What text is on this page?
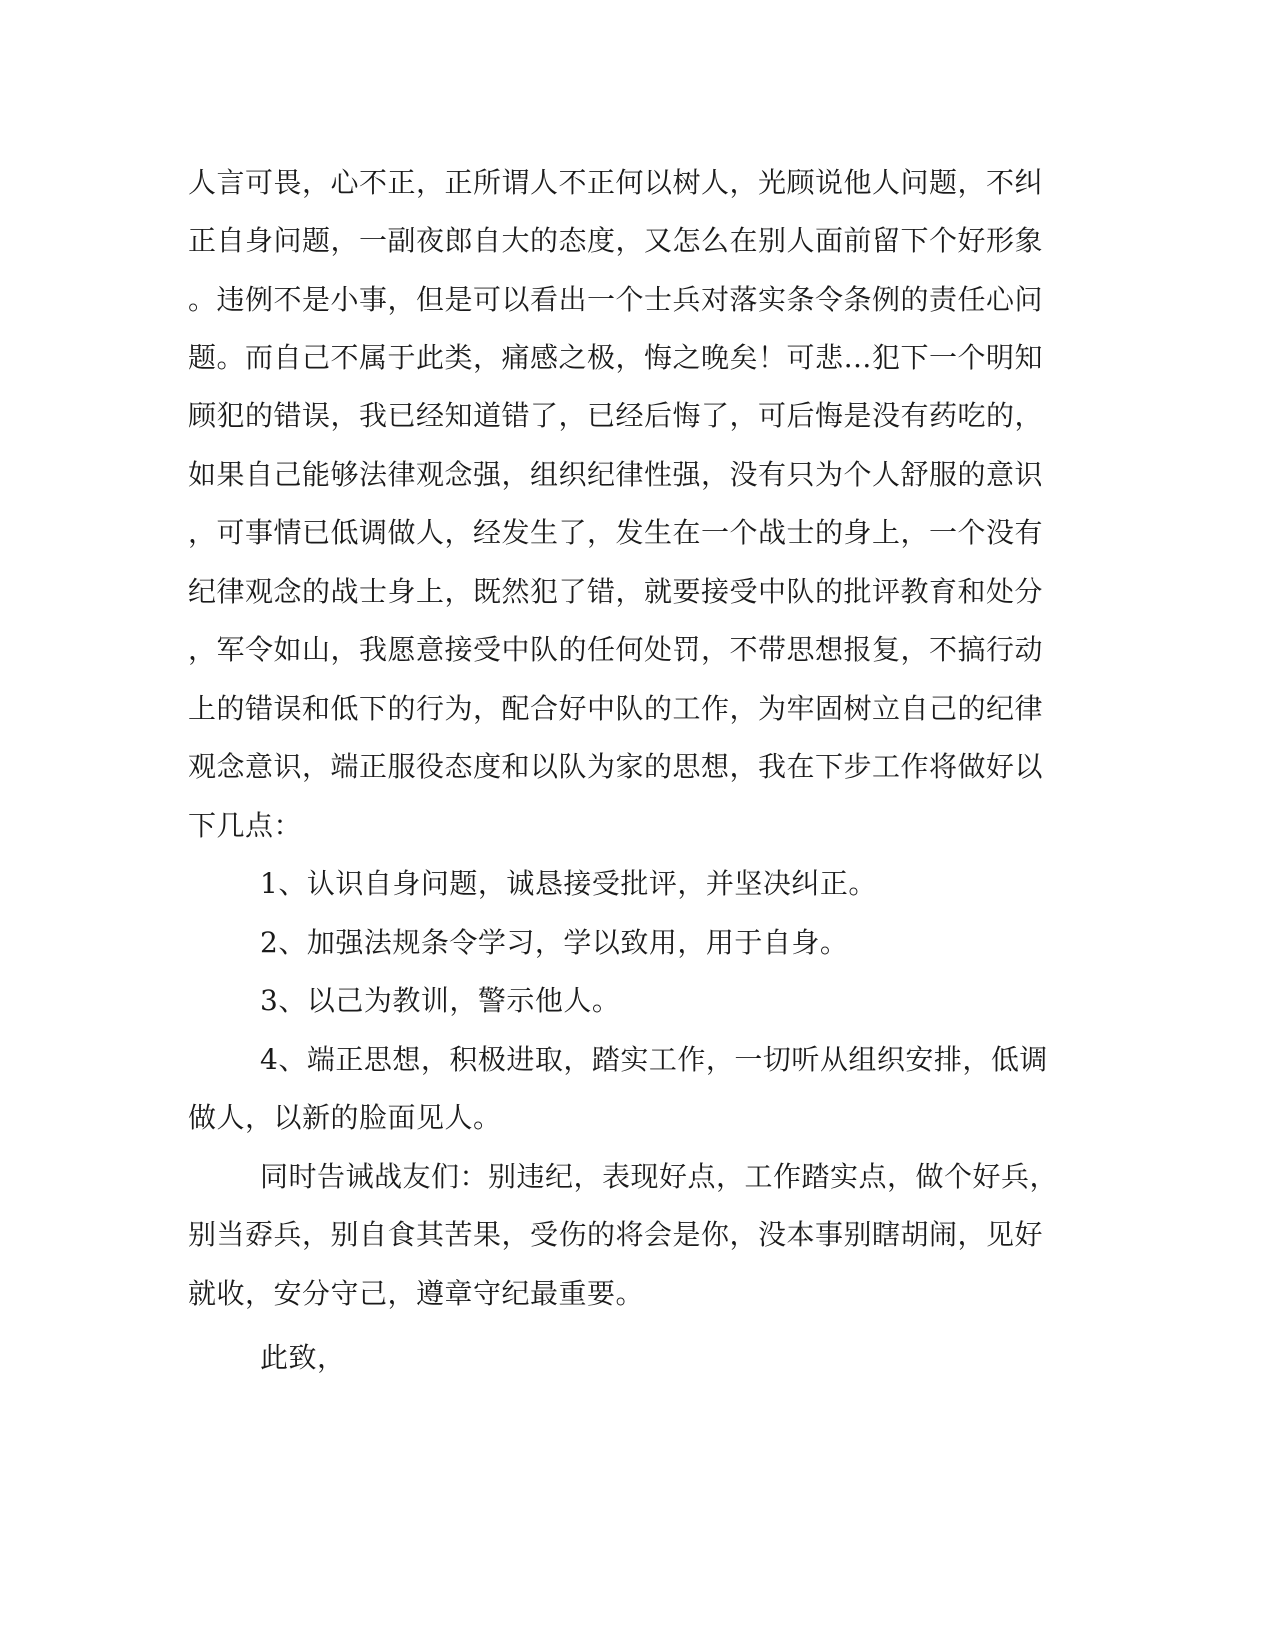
人言可畏，心不正，正所谓人不正何以树人，光顾说他人问题，不纠
正自身问题，一副夜郎自大的态度，又怎么在别人面前留下个好形象
。违例不是小事，但是可以看出一个士兵对落实条令条例的责任心问
题。而自己不属于此类，痛感之极，悔之晚矣！可悲…犯下一个明知
顾犯的错误，我已经知道错了，已经后悔了，可后悔是没有药吃的，
如果自己能够法律观念强，组织纪律性强，没有只为个人舒服的意识
，可事情已低调做人，经发生了，发生在一个战士的身上，一个没有
纪律观念的战士身上，既然犯了错，就要接受中队的批评教育和处分
，军令如山，我愿意接受中队的任何处罚，不带思想报复，不搞行动
上的错误和低下的行为，配合好中队的工作，为牢固树立自己的纪律
观念意识，端正服役态度和以队为家的思想，我在下步工作将做好以
下几点：
1、认识自身问题，诚恳接受批评，并坚决纠正。
2、加强法规条令学习，学以致用，用于自身。
3、以己为教训，警示他人。
4、端正思想，积极进取，踏实工作，一切听从组织安排，低调
做人，以新的脸面见人。
同时告诫战友们：别违纪，表现好点，工作踏实点，做个好兵，
别当孬兵，别自食其苦果，受伤的将会是你，没本事别瞎胡闹，见好
就收，安分守己，遵章守纪最重要。
此致，
